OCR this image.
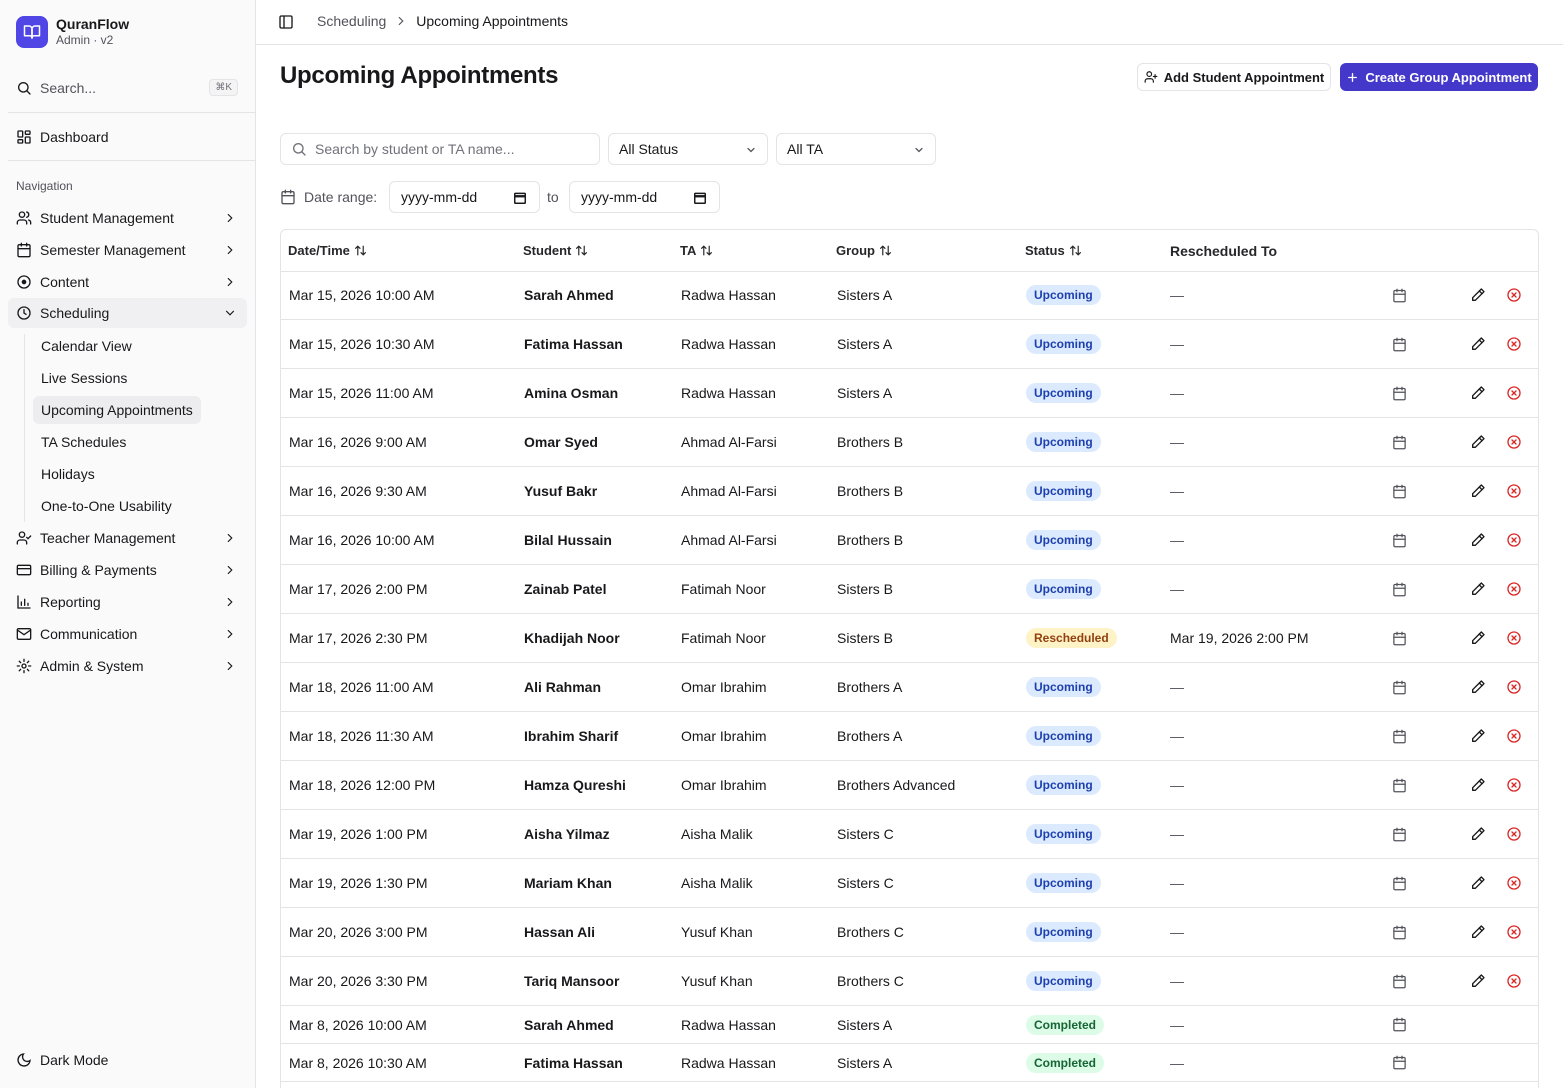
QuranFlow
Admin · v2
Search...	⌘K
Dashboard
Navigation
Student Management
Semester Management
Content
Scheduling
Calendar View
Live Sessions
Upcoming Appointments
TA Schedules
Holidays
One-to-One Usability
Teacher Management
Billing & Payments
Reporting
Communication
Admin & System
Dark Mode
Scheduling Upcoming Appointments
Upcoming Appointments	Add Student Appointment	Create Group Appointment
Search by student or TA name...	All Status	All TA
Date range: yyyy-mm-dd	to yyyy-mm-dd
Date/Time	Student	TA	Group	Status	Rescheduled To
Mar 15, 2026 10:00 AM	Sarah Ahmed	Radwa Hassan	Sisters A	Upcoming	—
Mar 15, 2026 10:30 AM	Fatima Hassan	Radwa Hassan	Sisters A	Upcoming	—
Mar 15, 2026 11:00 AM	Amina Osman	Radwa Hassan	Sisters A	Upcoming	—
Mar 16, 2026 9:00 AM	Omar Syed	Ahmad Al-Farsi	Brothers B	Upcoming	—
Mar 16, 2026 9:30 AM	Yusuf Bakr	Ahmad Al-Farsi	Brothers B	Upcoming	—
Mar 16, 2026 10:00 AM	Bilal Hussain	Ahmad Al-Farsi	Brothers B	Upcoming	—
Mar 17, 2026 2:00 PM	Zainab Patel	Fatimah Noor	Sisters B	Upcoming	—
Mar 17, 2026 2:30 PM	Khadijah Noor	Fatimah Noor	Sisters B	Rescheduled	Mar 19, 2026 2:00 PM
Mar 18, 2026 11:00 AM	Ali Rahman	Omar Ibrahim	Brothers A	Upcoming	—
Mar 18, 2026 11:30 AM	Ibrahim Sharif	Omar Ibrahim	Brothers A	Upcoming	—
Mar 18, 2026 12:00 PM	Hamza Qureshi	Omar Ibrahim	Brothers Advanced	Upcoming	—
Mar 19, 2026 1:00 PM	Aisha Yilmaz	Aisha Malik	Sisters C	Upcoming	—
Mar 19, 2026 1:30 PM	Mariam Khan	Aisha Malik	Sisters C	Upcoming	—
Mar 20, 2026 3:00 PM	Hassan Ali	Yusuf Khan	Brothers C	Upcoming	—
Mar 20, 2026 3:30 PM	Tariq Mansoor	Yusuf Khan	Brothers C	Upcoming	—
Mar 8, 2026 10:00 AM	Sarah Ahmed	Radwa Hassan	Sisters A	Completed	—
Mar 8, 2026 10:30 AM	Fatima Hassan	Radwa Hassan	Sisters A	Completed	—
